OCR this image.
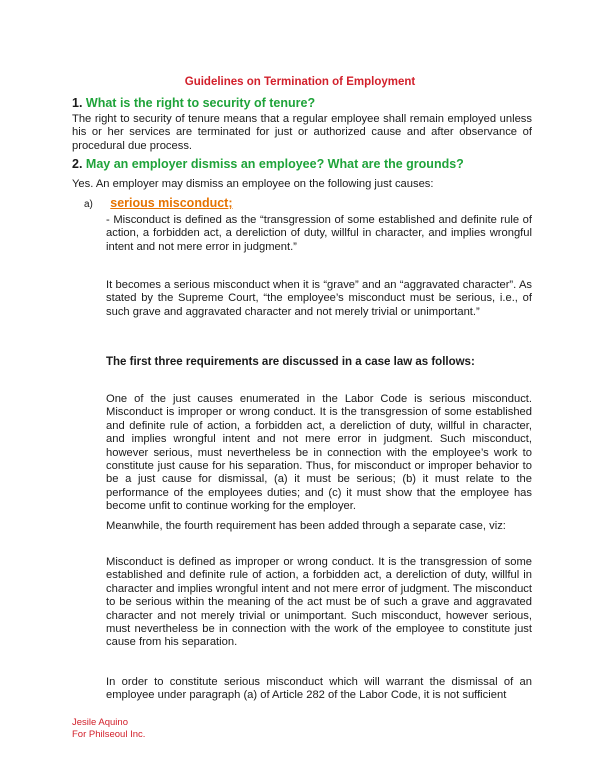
Guidelines on Termination of Employment

1. What is the right to security of tenure?

The right to security of tenure means that a regular employee shall remain employed unless his or her services are terminated for just or authorized cause and after observance of procedural due process.

2. May an employer dismiss an employee? What are the grounds?

Yes. An employer may dismiss an employee on the following just causes:

a) serious misconduct;

- Misconduct is defined as the “transgression of some established and definite rule of action, a forbidden act, a dereliction of duty, willful in character, and implies wrongful intent and not mere error in judgment.”

It becomes a serious misconduct when it is “grave” and an “aggravated character”. As stated by the Supreme Court, “the employee’s misconduct must be serious, i.e., of such grave and aggravated character and not merely trivial or unimportant.”

The first three requirements are discussed in a case law as follows:

One of the just causes enumerated in the Labor Code is serious misconduct. Misconduct is improper or wrong conduct. It is the transgression of some established and definite rule of action, a forbidden act, a dereliction of duty, willful in character, and implies wrongful intent and not mere error in judgment. Such misconduct, however serious, must nevertheless be in connection with the employee’s work to constitute just cause for his separation. Thus, for misconduct or improper behavior to be a just cause for dismissal, (a) it must be serious; (b) it must relate to the performance of the employees duties; and (c) it must show that the employee has become unfit to continue working for the employer.

Meanwhile, the fourth requirement has been added through a separate case, viz:

Misconduct is defined as improper or wrong conduct. It is the transgression of some established and definite rule of action, a forbidden act, a dereliction of duty, willful in character and implies wrongful intent and not mere error of judgment. The misconduct to be serious within the meaning of the act must be of such a grave and aggravated character and not merely trivial or unimportant. Such misconduct, however serious, must nevertheless be in connection with the work of the employee to constitute just cause from his separation.

In order to constitute serious misconduct which will warrant the dismissal of an employee under paragraph (a) of Article 282 of the Labor Code, it is not sufficient

Jesile Aquino

For Philseoul Inc.
